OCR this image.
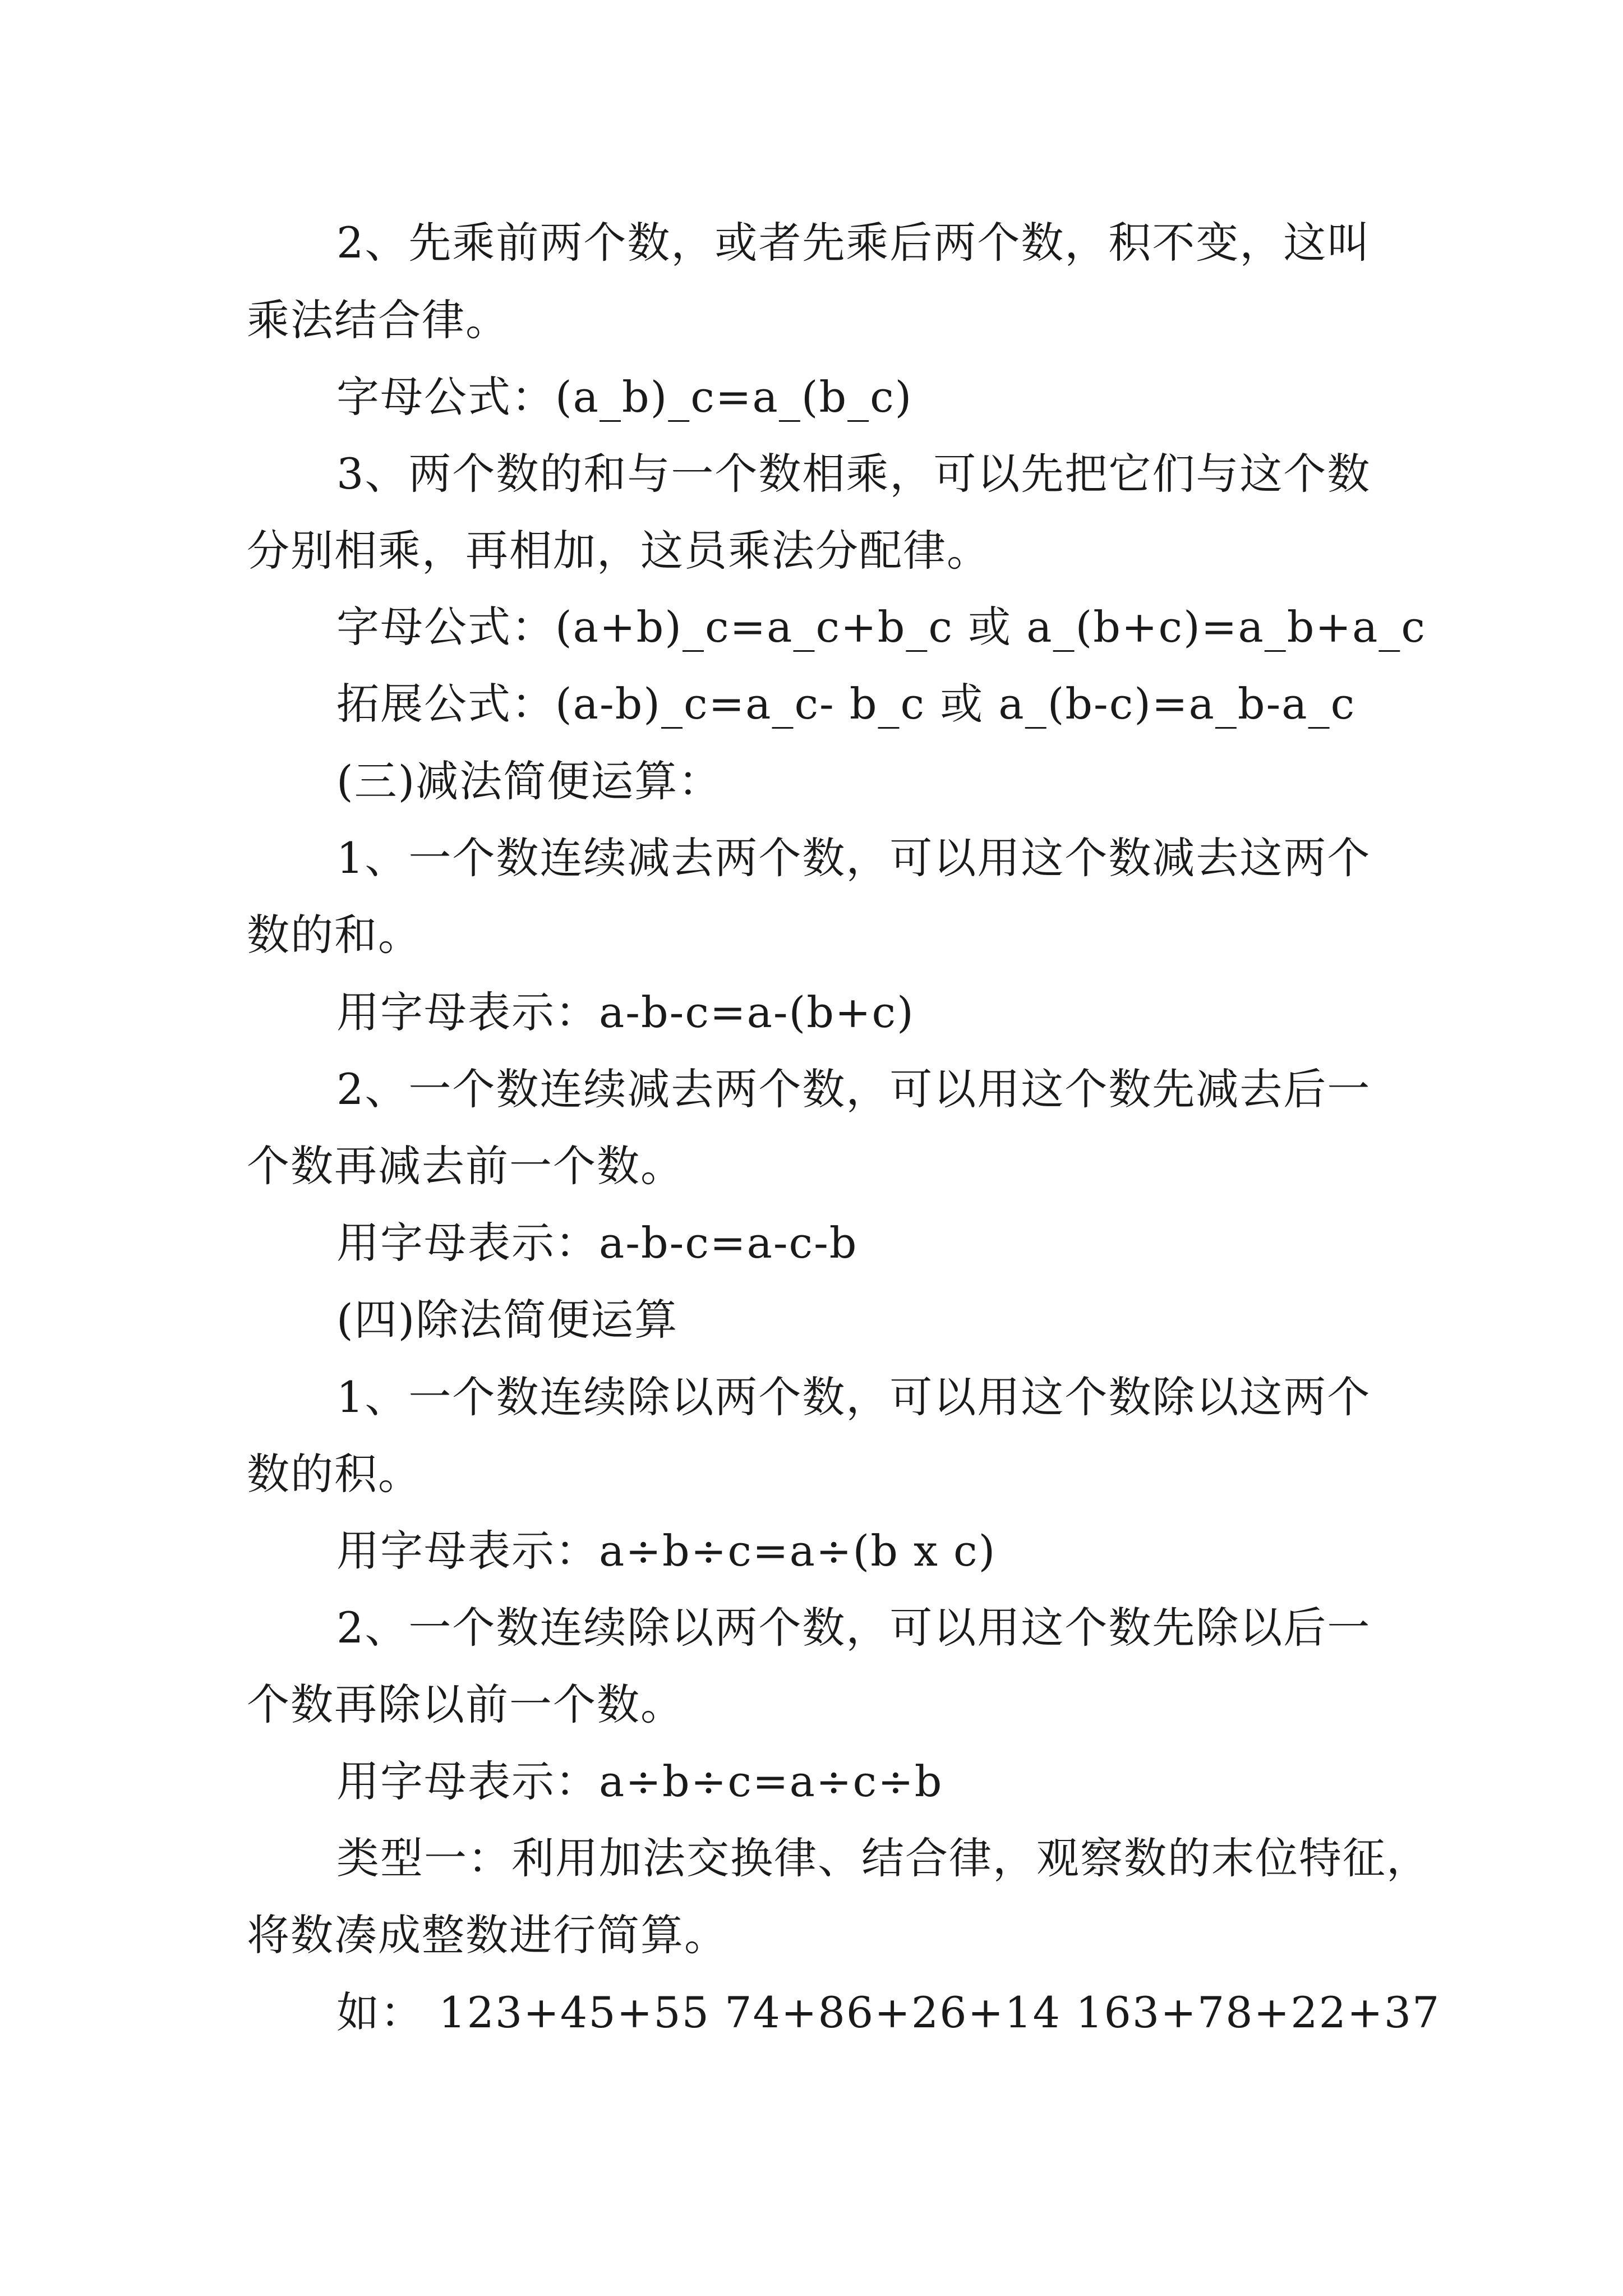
2、先乘前两个数，或者先乘后两个数，积不变，这叫
乘法结合律。
字母公式：(a_b)_c=a_(b_c)
3、两个数的和与一个数相乘，可以先把它们与这个数
分别相乘，再相加，这员乘法分配律。
字母公式：(a+b)_c=a_c+b_c 或 a_(b+c)=a_b+a_c
拓展公式：(a-b)_c=a_c- b_c 或 a_(b-c)=a_b-a_c
(三)减法简便运算：
1、一个数连续减去两个数，可以用这个数减去这两个
数的和。
用字母表示：a-b-c=a-(b+c)
2、一个数连续减去两个数，可以用这个数先减去后一
个数再减去前一个数。
用字母表示：a-b-c=a-c-b
(四)除法简便运算
1、一个数连续除以两个数，可以用这个数除以这两个
数的积。
用字母表示：a÷b÷c=a÷(b x c)
2、一个数连续除以两个数，可以用这个数先除以后一
个数再除以前一个数。
用字母表示：a÷b÷c=a÷c÷b
类型一：利用加法交换律、结合律，观察数的末位特征，
将数凑成整数进行简算。
如： 123+45+55 74+86+26+14 163+78+22+37
